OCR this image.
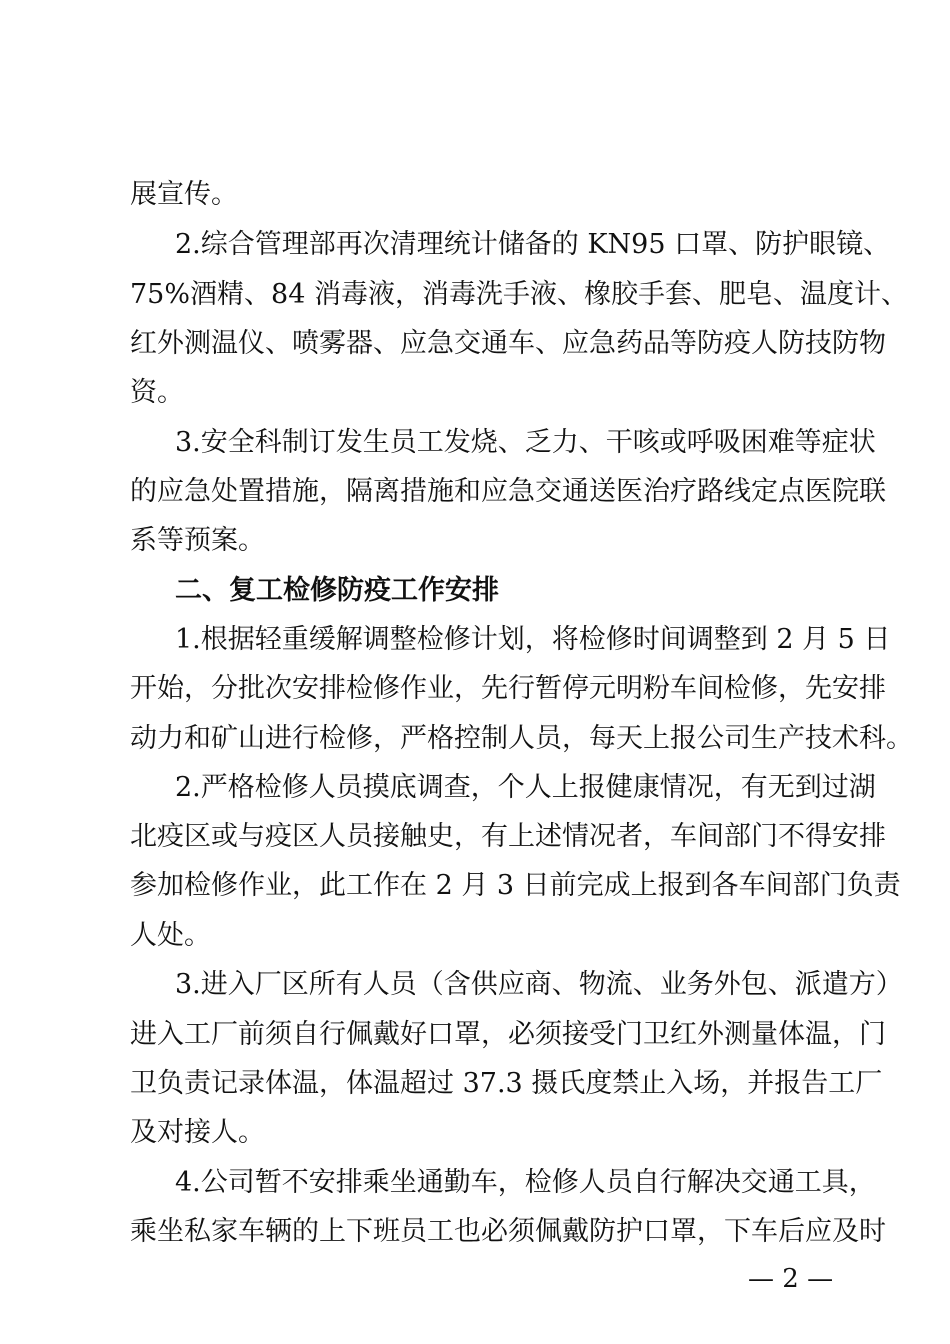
展宣传。
2.综合管理部再次清理统计储备的 KN95 口罩、防护眼镜、
75%酒精、84 消毒液，消毒洗手液、橡胶手套、肥皂、温度计、
红外测温仪、喷雾器、应急交通车、应急药品等防疫人防技防物
资。
3.安全科制订发生员工发烧、乏力、干咳或呼吸困难等症状
的应急处置措施，隔离措施和应急交通送医治疗路线定点医院联
系等预案。
二、复工检修防疫工作安排
1.根据轻重缓解调整检修计划，将检修时间调整到 2 月 5 日
开始，分批次安排检修作业，先行暂停元明粉车间检修，先安排
动力和矿山进行检修，严格控制人员，每天上报公司生产技术科。
2.严格检修人员摸底调查，个人上报健康情况，有无到过湖
北疫区或与疫区人员接触史，有上述情况者，车间部门不得安排
参加检修作业，此工作在 2 月 3 日前完成上报到各车间部门负责
人处。
3.进入厂区所有人员（含供应商、物流、业务外包、派遣方）
进入工厂前须自行佩戴好口罩，必须接受门卫红外测量体温，门
卫负责记录体温，体温超过 37.3 摄氏度禁止入场，并报告工厂
及对接人。
4.公司暂不安排乘坐通勤车，检修人员自行解决交通工具，
乘坐私家车辆的上下班员工也必须佩戴防护口罩，下车后应及时
— 2 —
